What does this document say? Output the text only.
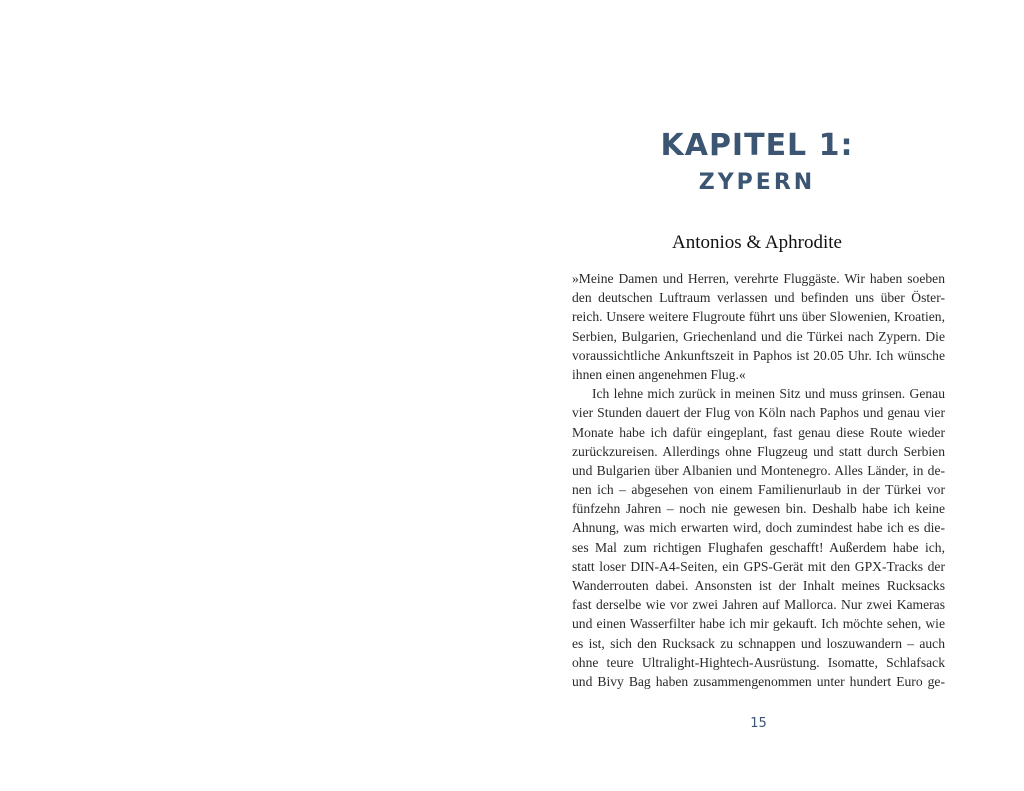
KAPITEL 1:
ZYPERN
Antonios & Aphrodite
»Meine Damen und Herren, verehrte Fluggäste. Wir haben soeben
den deutschen Luftraum verlassen und befinden uns über Öster-
reich. Unsere weitere Flugroute führt uns über Slowenien, Kroatien,
Serbien, Bulgarien, Griechenland und die Türkei nach Zypern. Die
voraussichtliche Ankunftszeit in Paphos ist 20.05 Uhr. Ich wünsche
ihnen einen angenehmen Flug.«
Ich lehne mich zurück in meinen Sitz und muss grinsen. Genau
vier Stunden dauert der Flug von Köln nach Paphos und genau vier
Monate habe ich dafür eingeplant, fast genau diese Route wieder
zurückzureisen. Allerdings ohne Flugzeug und statt durch Serbien
und Bulgarien über Albanien und Montenegro. Alles Länder, in de-
nen ich – abgesehen von einem Familienurlaub in der Türkei vor
fünfzehn Jahren – noch nie gewesen bin. Deshalb habe ich keine
Ahnung, was mich erwarten wird, doch zumindest habe ich es die-
ses Mal zum richtigen Flughafen geschafft! Außerdem habe ich,
statt loser DIN-A4-Seiten, ein GPS-Gerät mit den GPX-Tracks der
Wanderrouten dabei. Ansonsten ist der Inhalt meines Rucksacks
fast derselbe wie vor zwei Jahren auf Mallorca. Nur zwei Kameras
und einen Wasserfilter habe ich mir gekauft. Ich möchte sehen, wie
es ist, sich den Rucksack zu schnappen und loszuwandern – auch
ohne teure Ultralight-Hightech-Ausrüstung. Isomatte, Schlafsack
und Bivy Bag haben zusammengenommen unter hundert Euro ge-

15
